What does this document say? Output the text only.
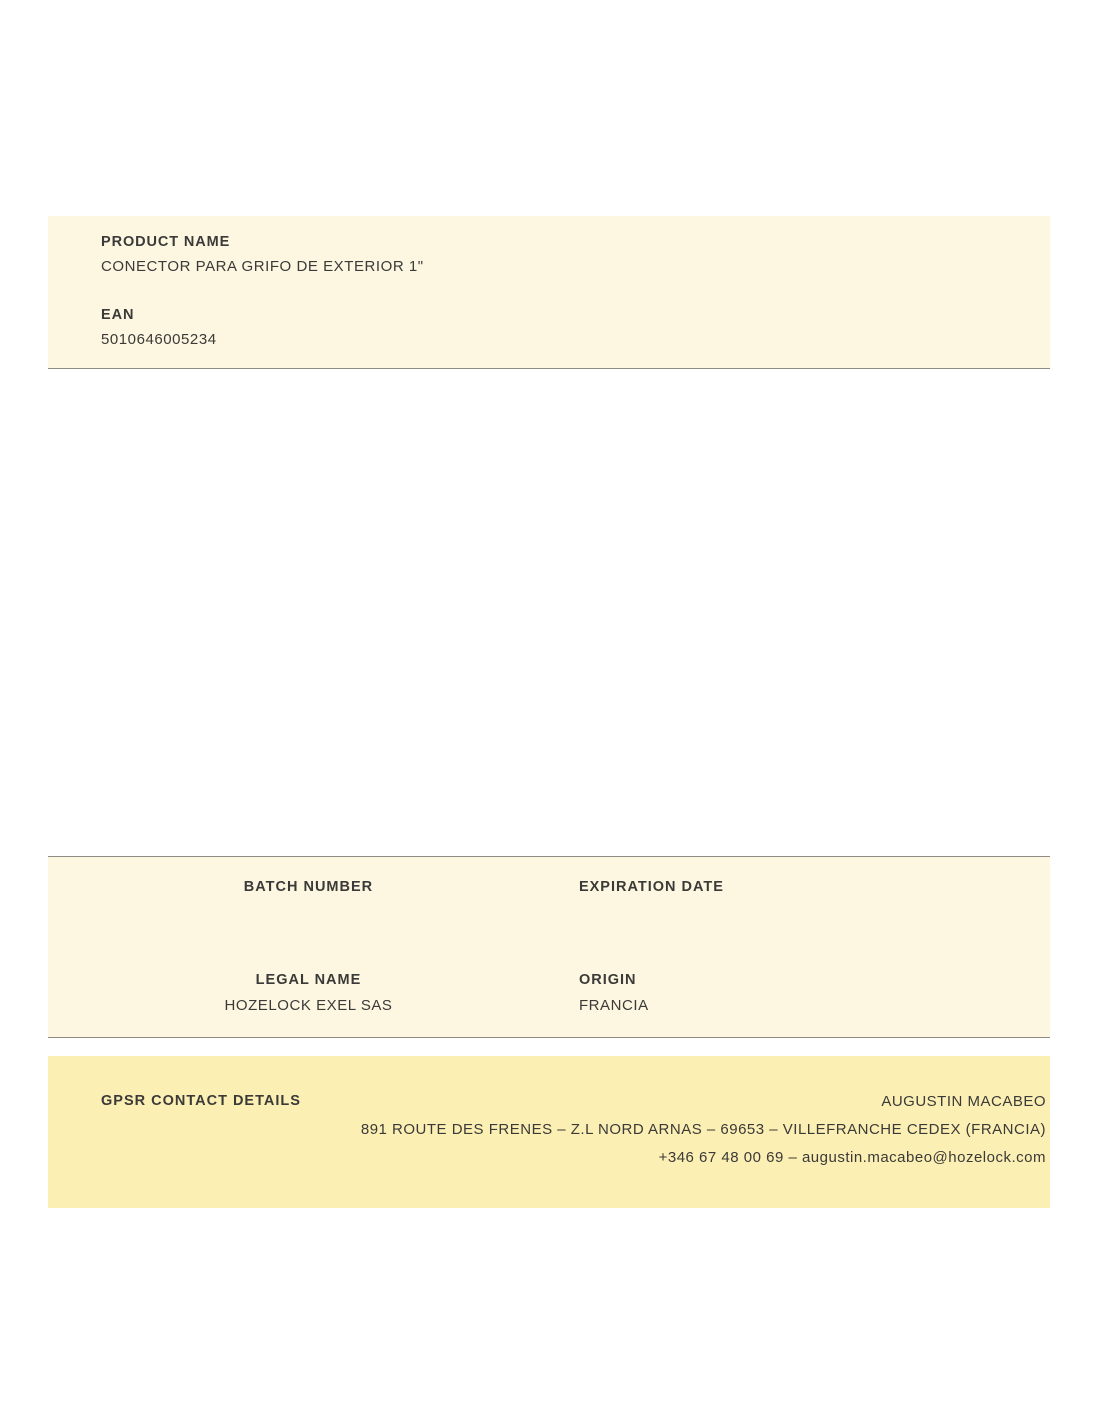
PRODUCT NAME
CONECTOR PARA GRIFO DE EXTERIOR 1"
EAN
5010646005234
BATCH NUMBER	EXPIRATION DATE
LEGAL NAME
HOZELOCK EXEL SAS
ORIGIN
FRANCIA
GPSR CONTACT DETAILS	AUGUSTIN MACABEO
891 ROUTE DES FRENES – Z.L NORD ARNAS – 69653 – VILLEFRANCHE CEDEX (FRANCIA)
+346 67 48 00 69 – augustin.macabeo@hozelock.com
